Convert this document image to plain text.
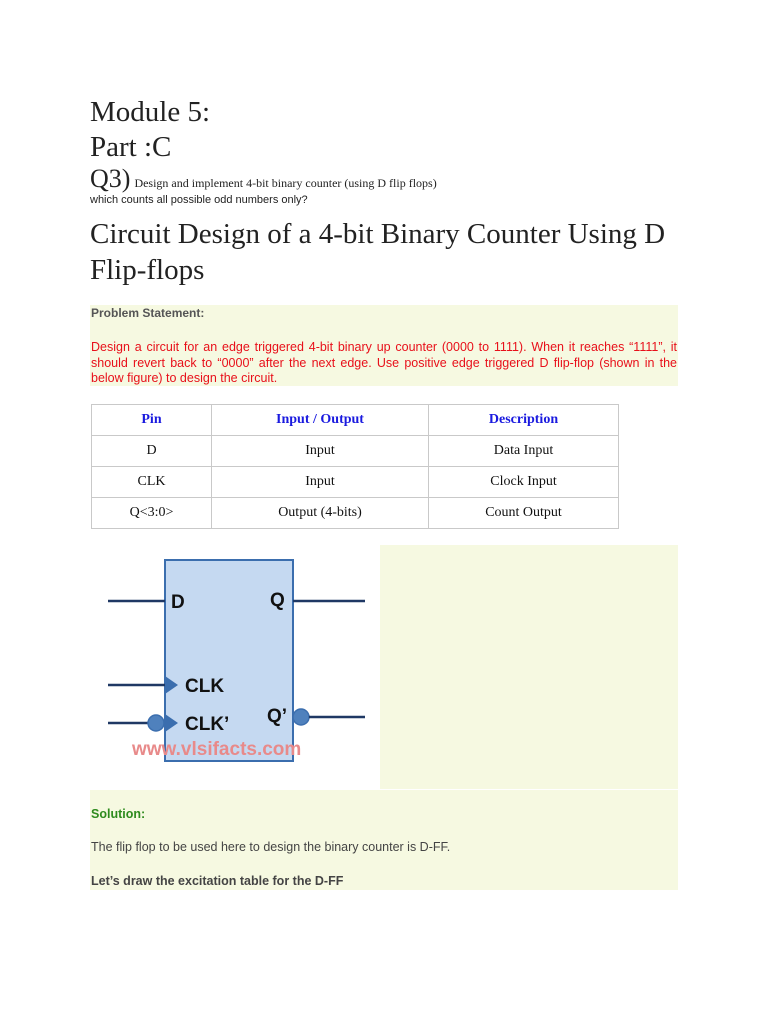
Module 5:
Part :C

Q3) Design and implement 4-bit binary counter (using D flip flops)
which counts all possible odd numbers only?

Circuit Design of a 4-bit Binary Counter Using D Flip-flops

Problem Statement:

Design a circuit for an edge triggered 4-bit binary up counter (0000 to 1111). When it reaches “1111”, it should revert back to “0000” after the next edge. Use positive edge triggered D flip-flop (shown in the below figure) to design the circuit.

Pin	Input / Output	Description
D	Input	Data Input
CLK	Input	Clock Input
Q<3:0>	Output (4-bits)	Count Output
D	Q
CLK
CLK’ Q’
www.vlsifacts.com

Solution:

The flip flop to be used here to design the binary counter is D-FF.

Let’s draw the excitation table for the D-FF
